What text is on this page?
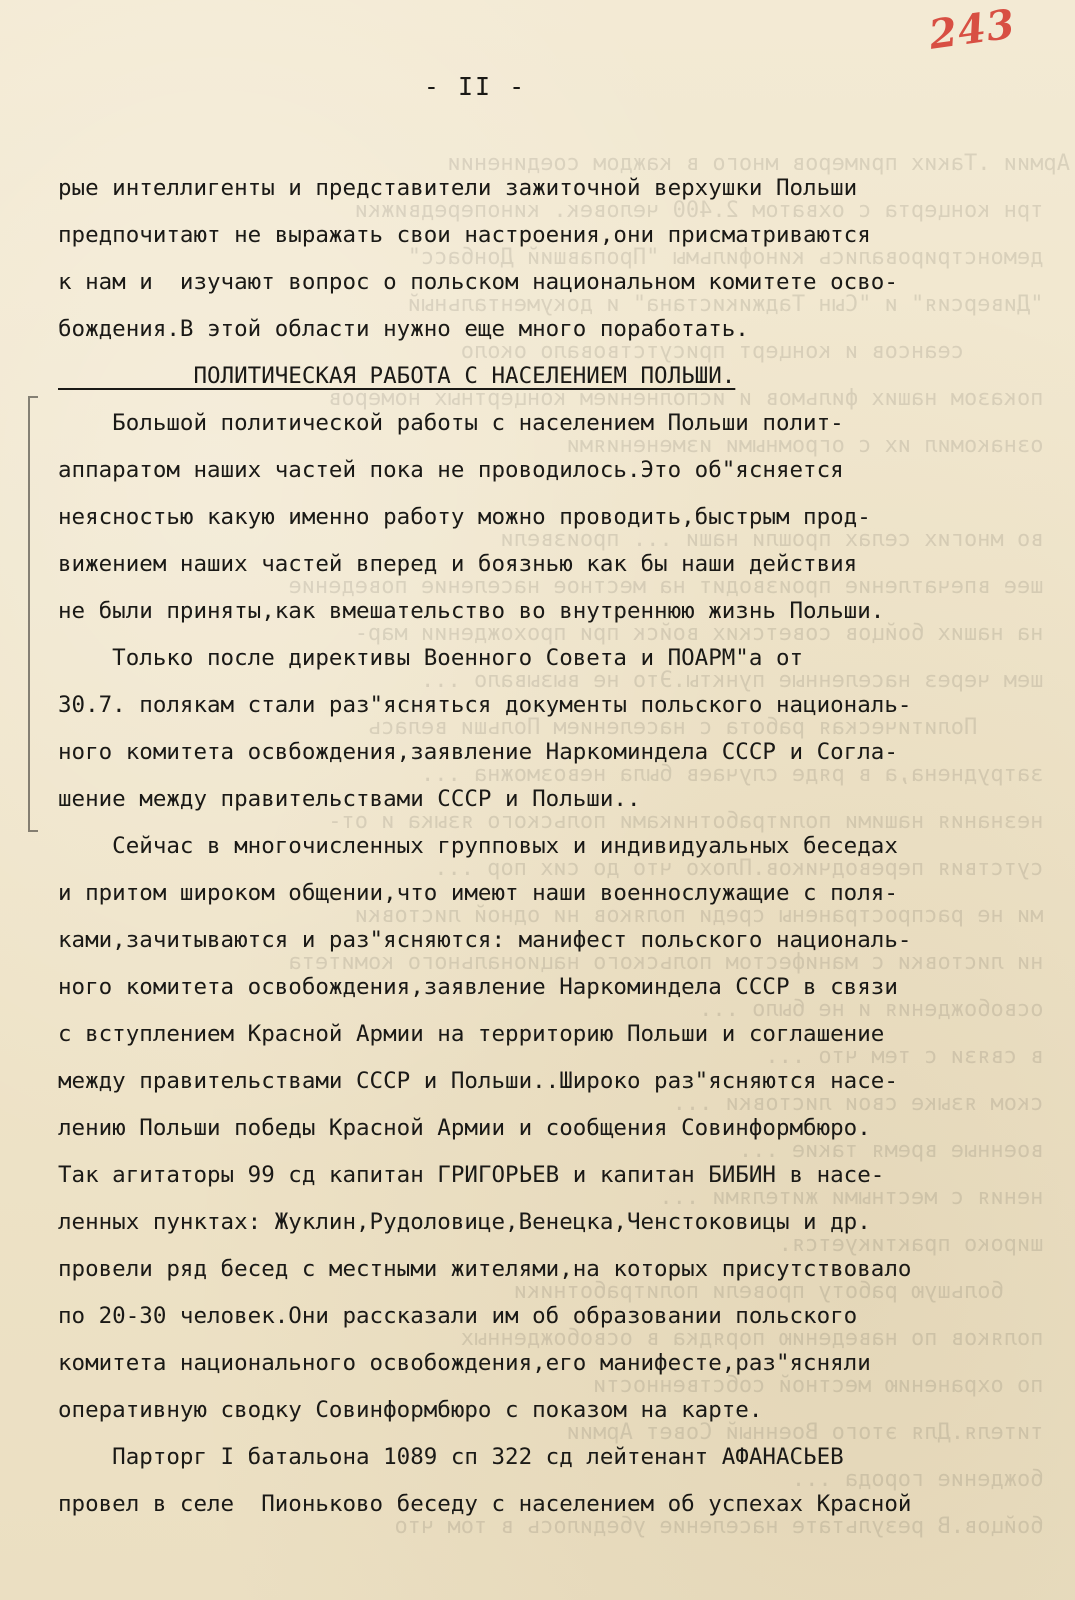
Армии .Таких примеров много в каждом соединении
трн концерта с охватом 2.400 человек. кинопередвижки
демонстрировались кинофильмы "Пропавший Донбасс"
"Диверсия" и "Сын Таджикистана" и документальный
сеансов и концерт присутствовало около
показом наших фильмов и исполнением концертных номеров
ознакомил их с огромными изменениями

во многих селах прошли наши ... произвели
шее впечатление производит на местное население поведение
на наших бойцов советских войск при прохождении мар-
шем через населенные пункты.Это не вызывало ...
Политическая работа с населением Польши велась
затруднена,а в ряде случаев была невозможна ...
незнания нашими политработниками польского языка и от-
сутствия переводчиков.Плохо что до сих пор ...
ми не распространены среди поляков ни одной листовки
ни листовки с манифестом польского национального комитета
освобождения и не было ...
в связи с тем что ...
ском языке свои листовки ...
военные время такие ...
нения с местными жителями ...
широко практикуется.
большую работу провели политработники
поляков по наведению порядка в освобожденных
по охранению местной собственности
тителя.Для этого Военный Совет Армии
бождение города ...
бойцов.В результате население убедилось в том что
243
- II -
рые интеллигенты и представители зажиточной верхушки Польши
предпочитают не выражать свои настроения,они присматриваются
к нам и  изучают вопрос о польском национальном комитете осво-
бождения.В этой области нужно еще много поработать.
ПОЛИТИЧЕСКАЯ РАБОТА С НАСЕЛЕНИЕМ ПОЛЬШИ.
Большой политической работы с населением Польши полит-
аппаратом наших частей пока не проводилось.Это об"ясняется
неясностью какую именно работу можно проводить,быстрым прод-
вижением наших частей вперед и боязнью как бы наши действия
не были приняты,как вмешательство во внутреннюю жизнь Польши.
Только после директивы Военного Совета и ПОАРМ"а от
30.7. полякам стали раз"ясняться документы польского националь-
ного комитета освбождения,заявление Наркоминдела СССР и Согла-
шение между правительствами СССР и Польши..
Сейчас в многочисленных групповых и индивидуальных беседах
и притом широком общении,что имеют наши военнослужащие с поля-
ками,зачитываются и раз"ясняются: манифест польского националь-
ного комитета освобождения,заявление Наркоминдела СССР в связи
с вступлением Красной Армии на территорию Польши и соглашение
между правительствами СССР и Польши..Широко раз"ясняются насе-
лению Польши победы Красной Армии и сообщения Совинформбюро.
Так агитаторы 99 сд капитан ГРИГОРЬЕВ и капитан БИБИН в насе-
ленных пунктах: Жуклин,Рудоловице,Венецка,Ченстоковицы и др.
провели ряд бесед с местными жителями,на которых присутствовало
по 20-30 человек.Они рассказали им об образовании польского
комитета национального освобождения,его манифесте,раз"ясняли
оперативную сводку Совинформбюро с показом на карте.
Парторг I батальона 1089 сп 322 сд лейтенант АФАНАСЬЕВ
провел в селе  Пионьково беседу с населением об успехах Красной
